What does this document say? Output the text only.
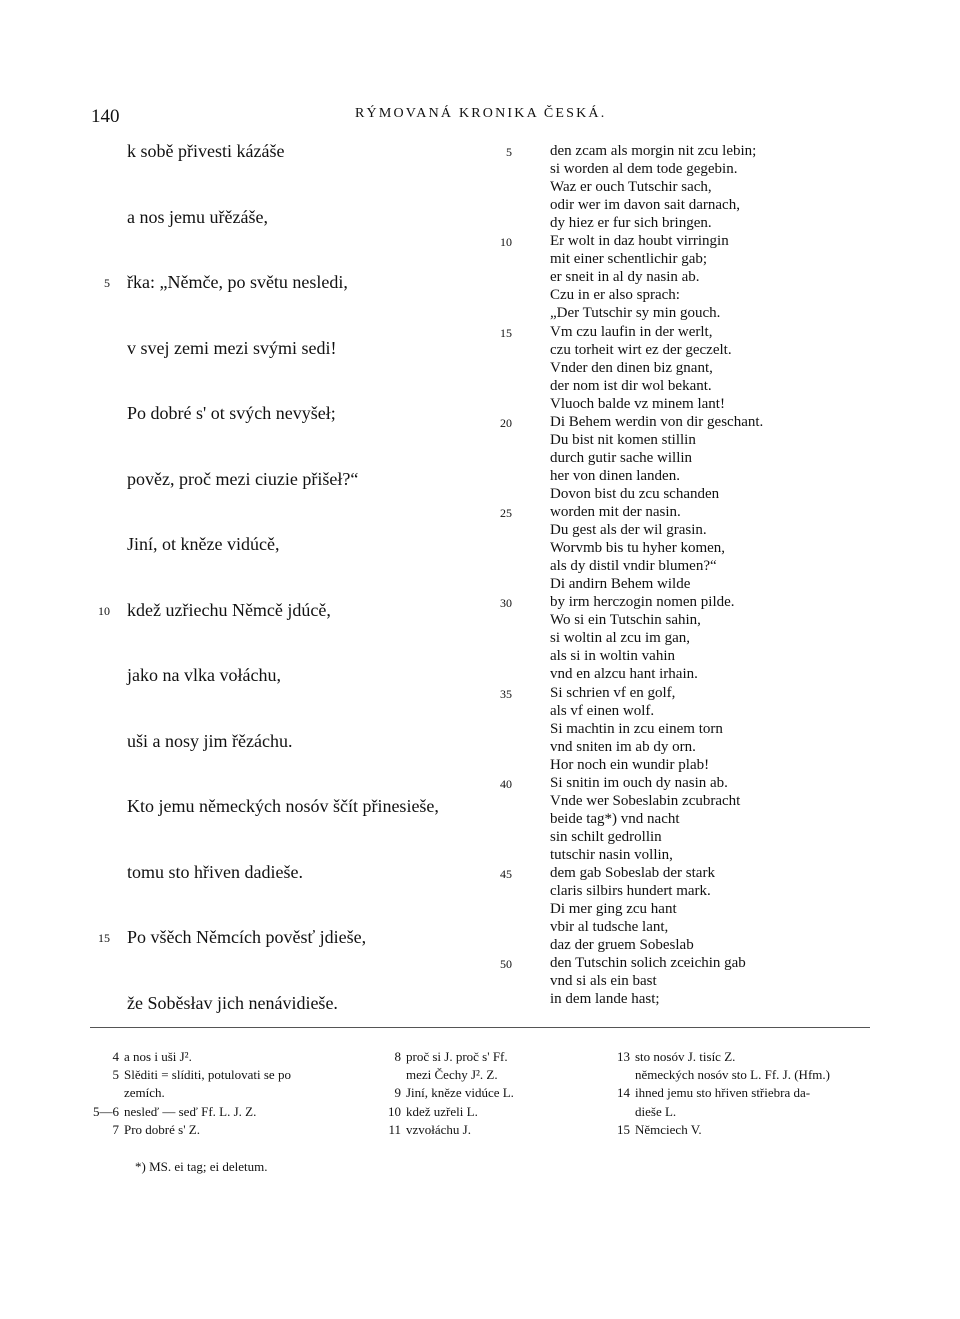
140	RÝMOVANÁ KRONIKA ČESKÁ.
k sobě přivesti kázáše
a nos jemu uřězáše,
5 řka: „Němče, po světu nesledi,
v svej zemi mezi svými sedi!
Po dobré s' ot svých nevyšeł;
pověz, proč mezi ciuzie přišeł?“
Jiní, ot kněze vidúcě,
10 kdež uzřiechu Němcě jdúcě,
jako na vlka vołáchu,
uši a nosy jim řězáchu.
Kto jemu německých nosóv ščít přinesieše,
tomu sto hřiven dadieše.
15 Po všěch Němcích pověsť jdieše,
že Soběsłav jich nenávidieše.
5	den zcam als morgin nit zcu lebin;
si worden al dem tode gegebin.
Waz er ouch Tutschir sach,
odir wer im davon sait darnach,
dy hiez er fur sich bringen.
10	Er wolt in daz houbt virringin
mit einer schentlichir gab;
er sneit in al dy nasin ab.
Czu in er also sprach:
„Der Tutschir sy min gouch.
15	Vm czu laufin in der werlt,
czu torheit wirt ez der geczelt.
Vnder den dinen biz gnant,
der nom ist dir wol bekant.
Vluoch balde vz minem lant!
20	Di Behem werdin von dir geschant.
Du bist nit komen stillin
durch gutir sache willin
her von dinen landen.
Dovon bist du zcu schanden
25	worden mit der nasin.
Du gest als der wil grasin.
Worvmb bis tu hyher komen,
als dy distil vndir blumen?“
Di andirn Behem wilde
30	by irm herczogin nomen pilde.
Wo si ein Tutschin sahin,
si woltin al zcu im gan,
als si in woltin vahin
vnd en alzcu hant irhain.
35	Si schrien vf en golf,
als vf einen wolf.
Si machtin in zcu einem torn
vnd sniten im ab dy orn.
Hor noch ein wundir plab!
40	Si snitin im ouch dy nasin ab.
Vnde wer Sobeslabin zcubracht
beide tag*) vnd nacht
sin schilt gedrollin
tutschir nasin vollin,
45	dem gab Sobeslab der stark
claris silbirs hundert mark.
Di mer ging zcu hant
vbir al tudsche lant,
daz der gruem Sobeslab
50	den Tutschin solich zceichin gab
vnd si als ein bast
in dem lande hast;
4 a nos i uši J².
5 Slěditi = slíditi, potulovati se po
zemích.
5—6 nesleď — seď Ff. L. J. Z.
7 Pro dobré s' Z.
8 proč si J. proč s' Ff.
mezi Čechy J². Z.
9 Jiní, kněze vidúce L.
10 kdež uzřeli L.
11 vzvołáchu J.
13 sto nosóv J. tisíc Z.
německých nosóv sto L. Ff. J. (Hfm.)
14 ihned jemu sto hřiven střiebra da-
dieše L.
15 Němciech V.
*) MS. ei tag; ei deletum.
